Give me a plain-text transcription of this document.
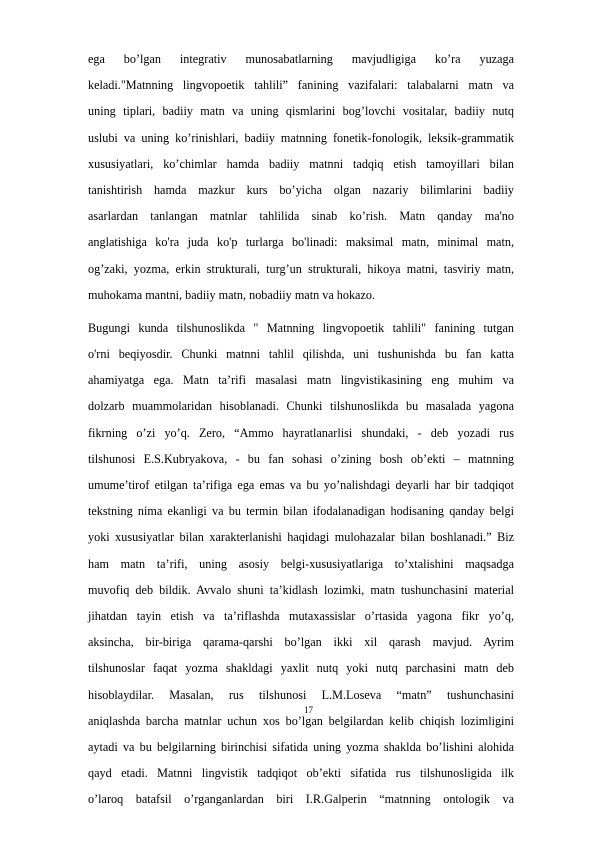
ega bo’lgan integrativ munosabatlarning mavjudligiga ko’ra yuzaga
keladi."Matnning lingvopoetik tahlili” fanining vazifalari: talabalarni matn va
uning tiplari, badiiy matn va uning qismlarini bog’lovchi vositalar, badiiy nutq
uslubi va uning ko’rinishlari, badiiy matnning fonetik-fonologik, leksik-grammatik
xususiyatlari, ko’chimlar hamda badiiy matnni tadqiq etish tamoyillari bilan
tanishtirish hamda mazkur kurs bo’yicha olgan nazariy bilimlarini badiiy
asarlardan tanlangan matnlar tahlilida sinab ko’rish. Matn qanday ma'no
anglatishiga ko'ra juda ko'p turlarga bo'linadi: maksimal matn, minimal matn,
og’zaki, yozma, erkin strukturali, turg’un strukturali, hikoya matni, tasviriy matn,
muhokama mantni, badiiy matn, nobadiiy matn va hokazo.
Bugungi kunda tilshunoslikda " Matnning lingvopoetik tahlili" fanining tutgan
o'rni beqiyosdir. Chunki matnni tahlil qilishda, uni tushunishda bu fan katta
ahamiyatga ega. Matn ta’rifi masalasi matn lingvistikasining eng muhim va
dolzarb muammolaridan hisoblanadi. Chunki tilshunoslikda bu masalada yagona
fikrning o’zi yo’q. Zero, “Ammo hayratlanarlisi shundaki, - deb yozadi rus
tilshunosi E.S.Kubryakova, - bu fan sohasi o’zining bosh ob’ekti – matnning
umume’tirof etilgan ta’rifiga ega emas va bu yo’nalishdagi deyarli har bir tadqiqot
tekstning nima ekanligi va bu termin bilan ifodalanadigan hodisaning qanday belgi
yoki xususiyatlar bilan xarakterlanishi haqidagi mulohazalar bilan boshlanadi.” Biz
ham matn ta’rifi, uning asosiy belgi-xususiyatlariga to’xtalishini maqsadga
muvofiq deb bildik. Avvalo shuni ta’kidlash lozimki, matn tushunchasini material
jihatdan tayin etish va ta’riflashda mutaxassislar o’rtasida yagona fikr yo’q,
aksincha, bir-biriga qarama-qarshi bo’lgan ikki xil qarash mavjud. Ayrim
tilshunoslar faqat yozma shakldagi yaxlit nutq yoki nutq parchasini matn deb
hisoblaydilar. Masalan, rus tilshunosi L.M.Loseva “matn” tushunchasini
aniqlashda barcha matnlar uchun xos bo’lgan belgilardan kelib chiqish lozimligini
aytadi va bu belgilarning birinchisi sifatida uning yozma shaklda bo’lishini alohida
qayd etadi. Matnni lingvistik tadqiqot ob’ekti sifatida rus tilshunosligida ilk
o’laroq batafsil o’rganganlardan biri I.R.Galperin “matnning ontologik va
17
